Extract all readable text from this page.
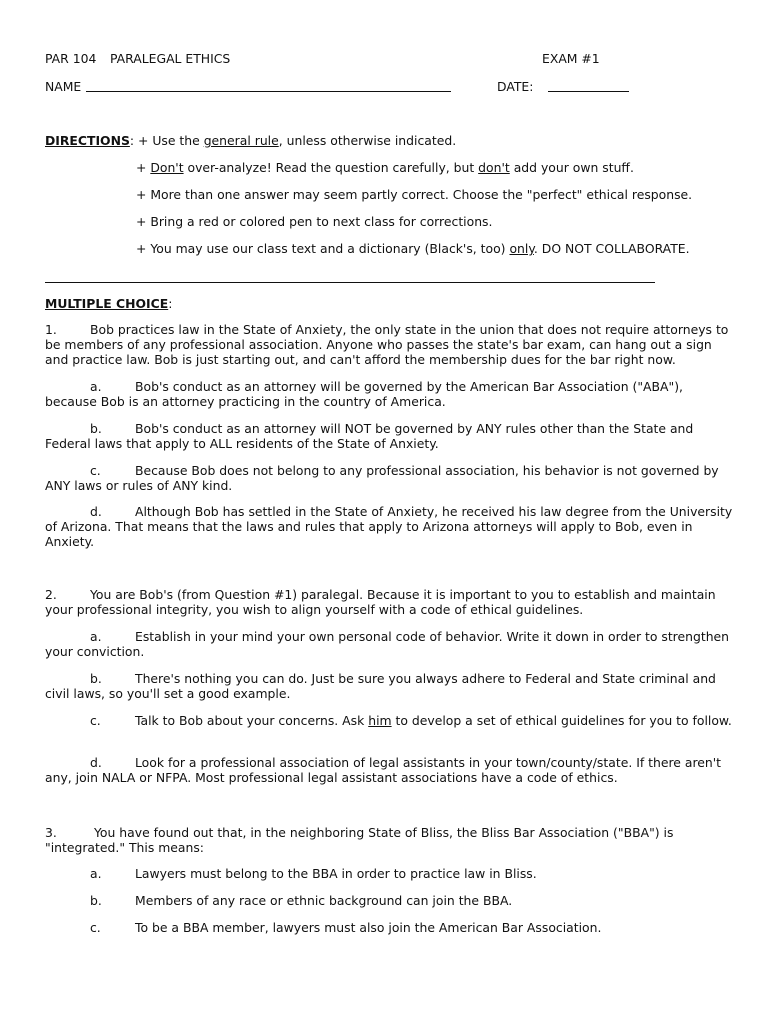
PAR 104 PARALEGAL ETHICS	EXAM #1
NAME	DATE:
DIRECTIONS: + Use the general rule, unless otherwise indicated.
+ Don't over-analyze! Read the question carefully, but don't add your own stuff.
+ More than one answer may seem partly correct. Choose the "perfect" ethical response.
+ Bring a red or colored pen to next class for corrections.
+ You may use our class text and a dictionary (Black's, too) only. DO NOT COLLABORATE.
MULTIPLE CHOICE:
1.	Bob practices law in the State of Anxiety, the only state in the union that does not require attorneys to be members of any professional association. Anyone who passes the state's bar exam, can hang out a sign and practice law. Bob is just starting out, and can't afford the membership dues for the bar right now.
a.	Bob's conduct as an attorney will be governed by the American Bar Association ("ABA"), because Bob is an attorney practicing in the country of America.
b.	Bob's conduct as an attorney will NOT be governed by ANY rules other than the State and Federal laws that apply to ALL residents of the State of Anxiety.
c.	Because Bob does not belong to any professional association, his behavior is not governed by ANY laws or rules of ANY kind.
d.	Although Bob has settled in the State of Anxiety, he received his law degree from the University of Arizona. That means that the laws and rules that apply to Arizona attorneys will apply to Bob, even in Anxiety.
2.	You are Bob's (from Question #1) paralegal. Because it is important to you to establish and maintain your professional integrity, you wish to align yourself with a code of ethical guidelines.
a.	Establish in your mind your own personal code of behavior. Write it down in order to strengthen your conviction.
b.	There's nothing you can do. Just be sure you always adhere to Federal and State criminal and civil laws, so you'll set a good example.
c.	Talk to Bob about your concerns. Ask him to develop a set of ethical guidelines for you to follow.
d.	Look for a professional association of legal assistants in your town/county/state. If there aren't any, join NALA or NFPA. Most professional legal assistant associations have a code of ethics.
3.	You have found out that, in the neighboring State of Bliss, the Bliss Bar Association ("BBA") is "integrated." This means:
a.	Lawyers must belong to the BBA in order to practice law in Bliss.
b.	Members of any race or ethnic background can join the BBA.
c.	To be a BBA member, lawyers must also join the American Bar Association.
